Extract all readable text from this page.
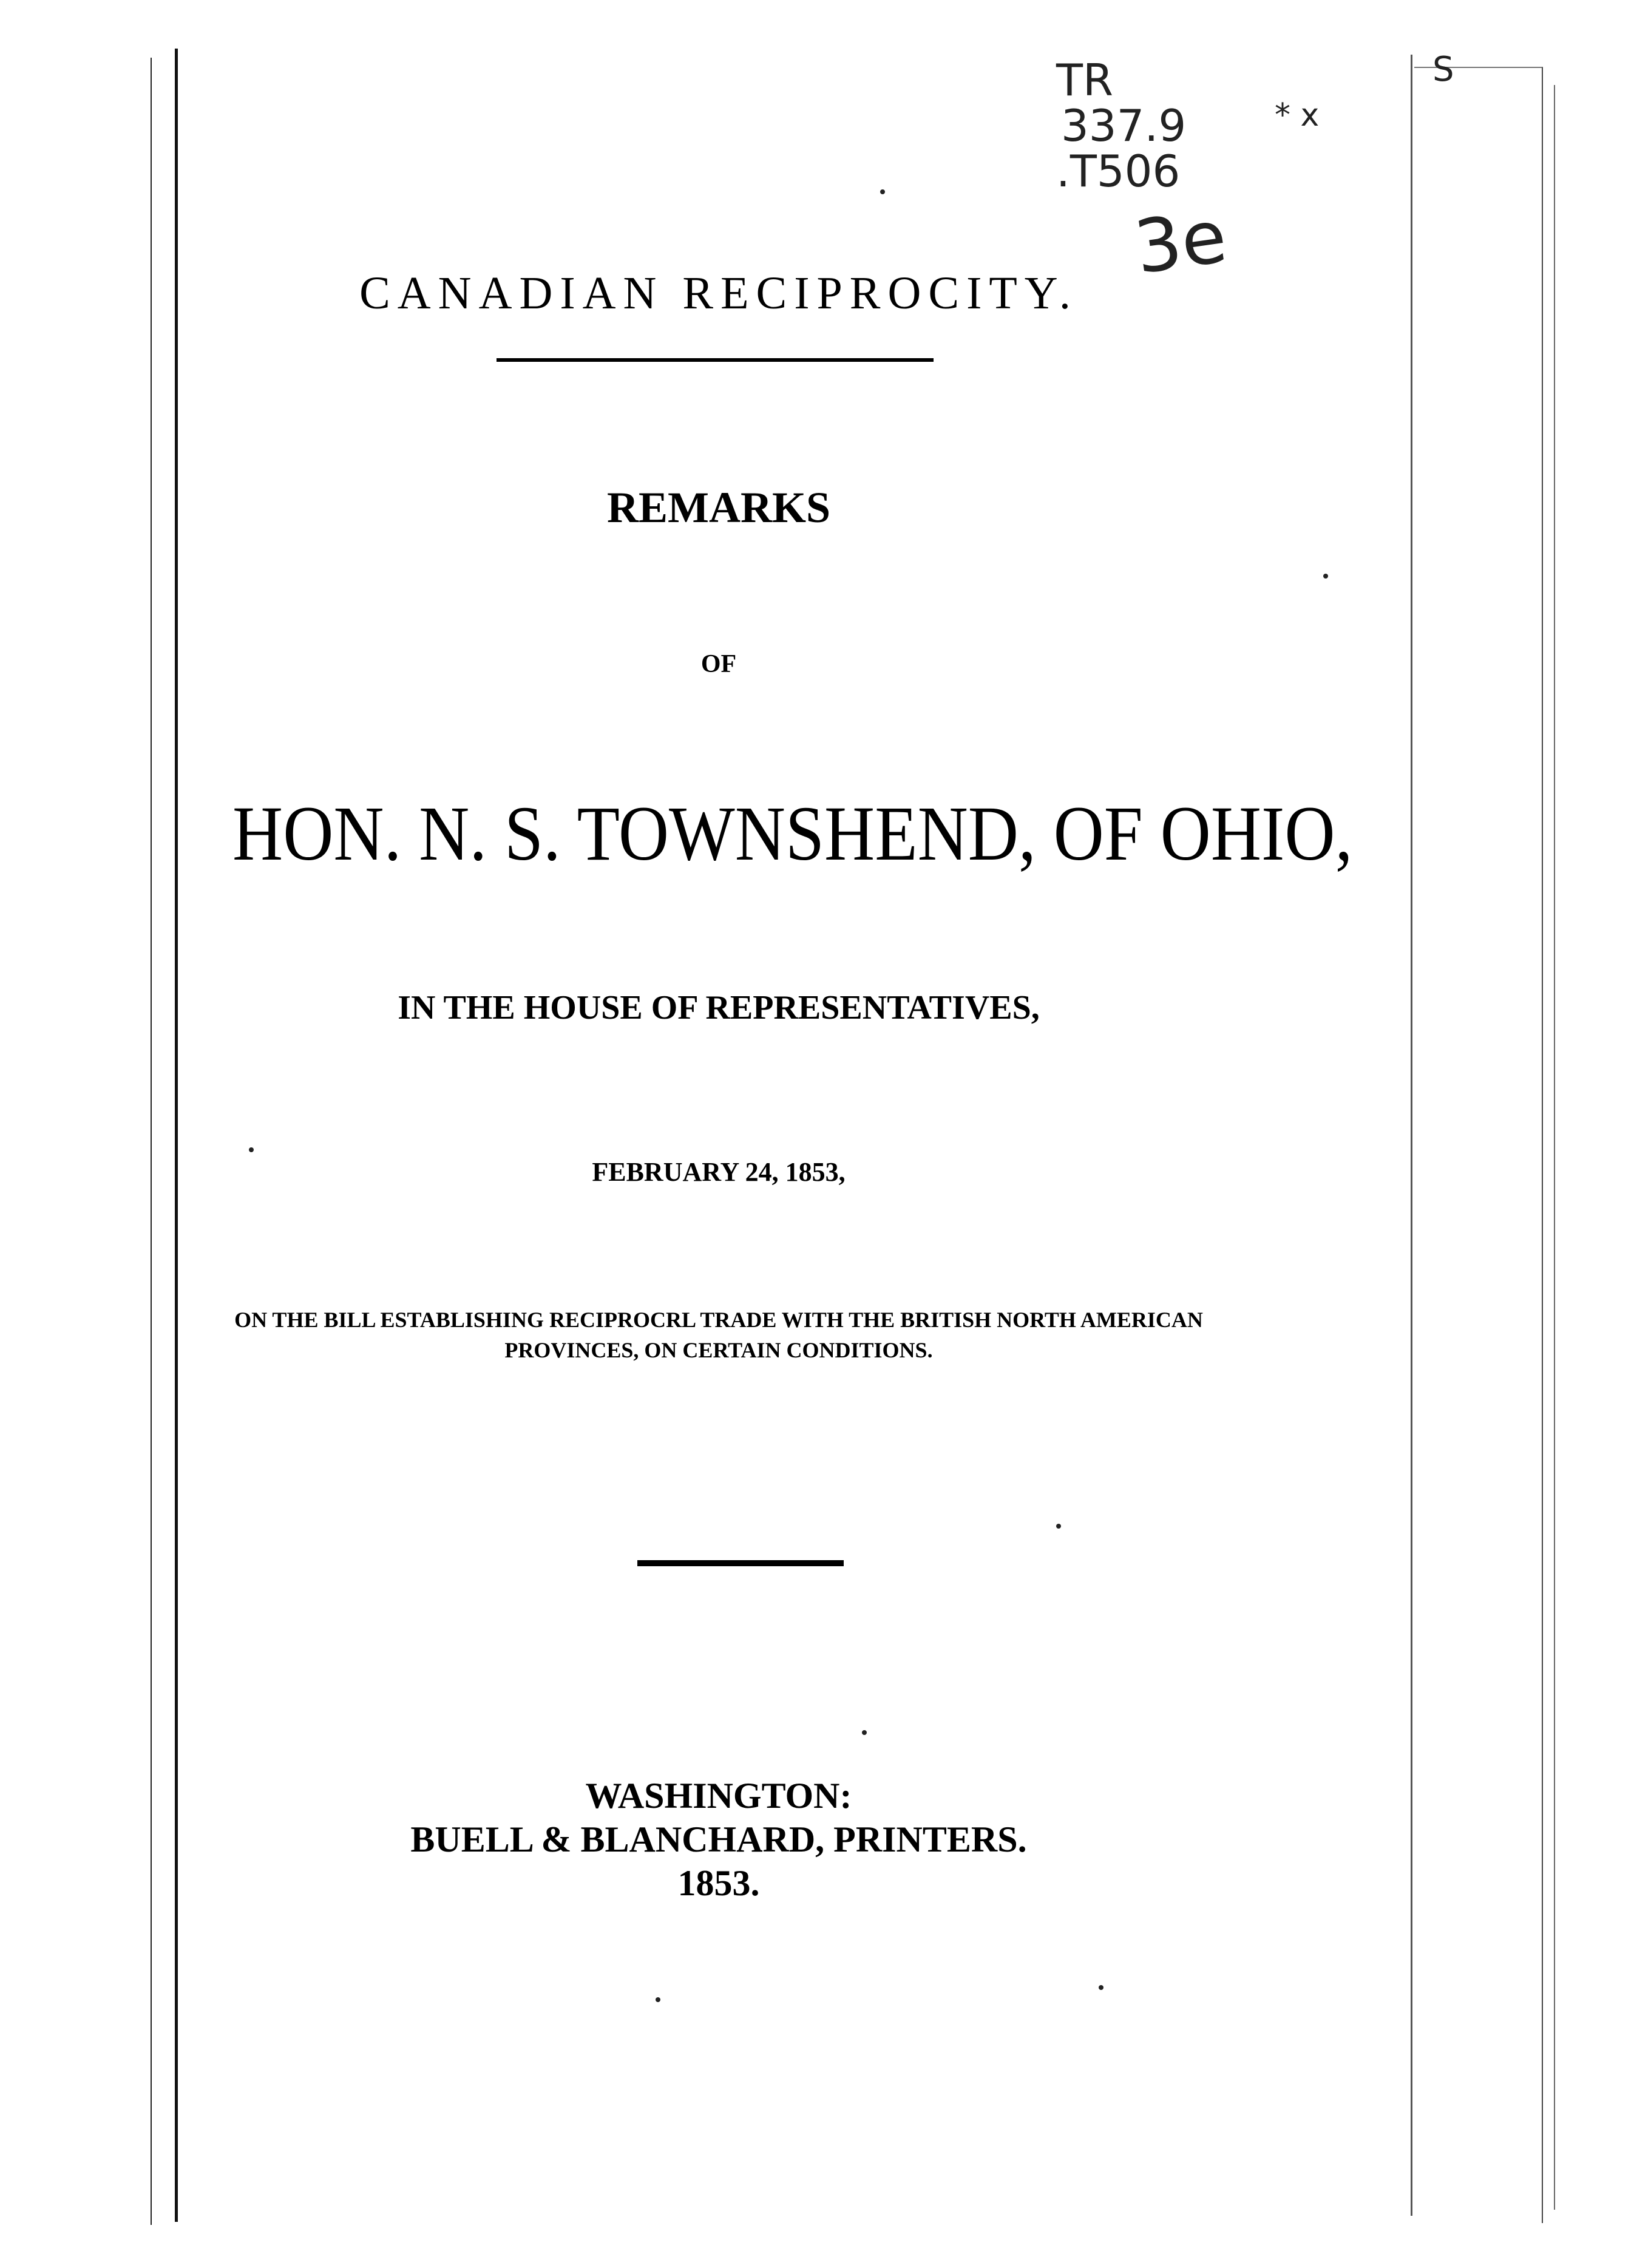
TR
337.9
.T506
3e
S
* x
CANADIAN RECIPROCITY.
REMARKS
OF
HON. N. S. TOWNSHEND, OF OHIO,
IN THE HOUSE OF REPRESENTATIVES,
FEBRUARY 24, 1853,
ON THE BILL ESTABLISHING RECIPROCRL TRADE WITH THE BRITISH NORTH AMERICAN
PROVINCES, ON CERTAIN CONDITIONS.
WASHINGTON:
BUELL & BLANCHARD, PRINTERS.
1853.
